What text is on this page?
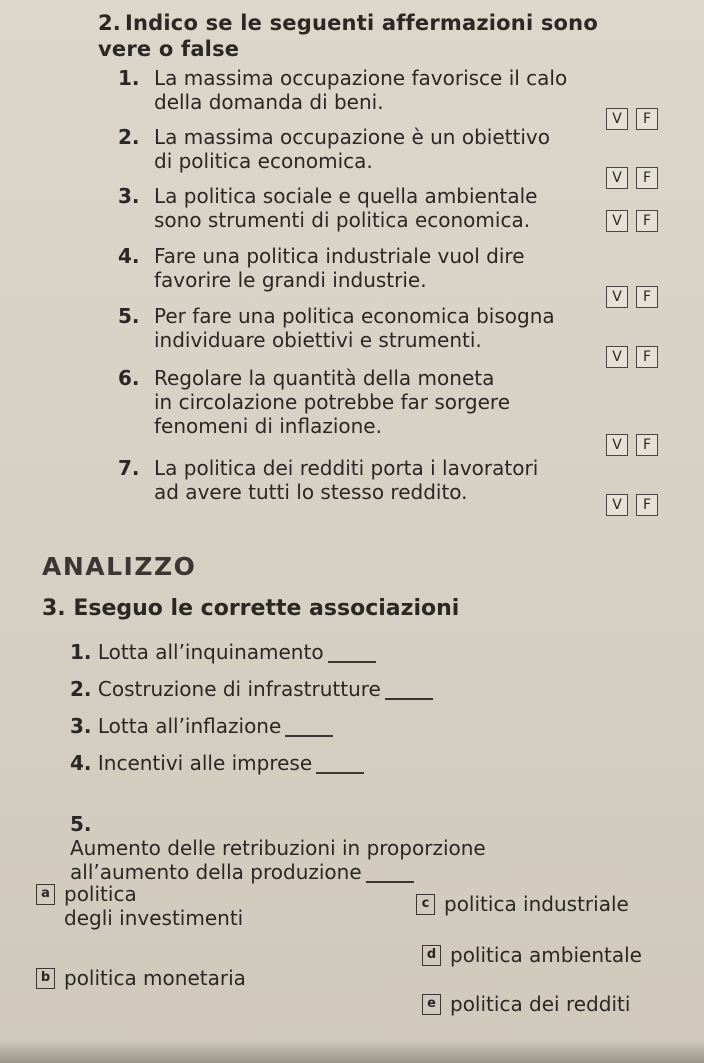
2. Indico se le seguenti affermazioni sono
vere o false
1. La massima occupazione favorisce il calo
della domanda di beni.
V	F
2. La massima occupazione è un obiettivo
di politica economica.
V	F
3. La politica sociale e quella ambientale
sono strumenti di politica economica.	V	F
4. Fare una politica industriale vuol dire
favorire le grandi industrie.
V	F
5. Per fare una politica economica bisogna
individuare obiettivi e strumenti.
V	F
6. Regolare la quantità della moneta
in circolazione potrebbe far sorgere
fenomeni di inflazione.
V	F
7. La politica dei redditi porta i lavoratori
ad avere tutti lo stesso reddito.
V	F
ANALIZZO
3. Eseguo le corrette associazioni
1. Lotta all’inquinamento
2. Costruzione di infrastrutture
3. Lotta all’inflazione
4. Incentivi alle imprese

5.
Aumento delle retribuzioni in proporzione
all’aumento della produzione

a politica
degli investimenti
b politica monetaria
c politica industriale
d politica ambientale
e politica dei redditi
